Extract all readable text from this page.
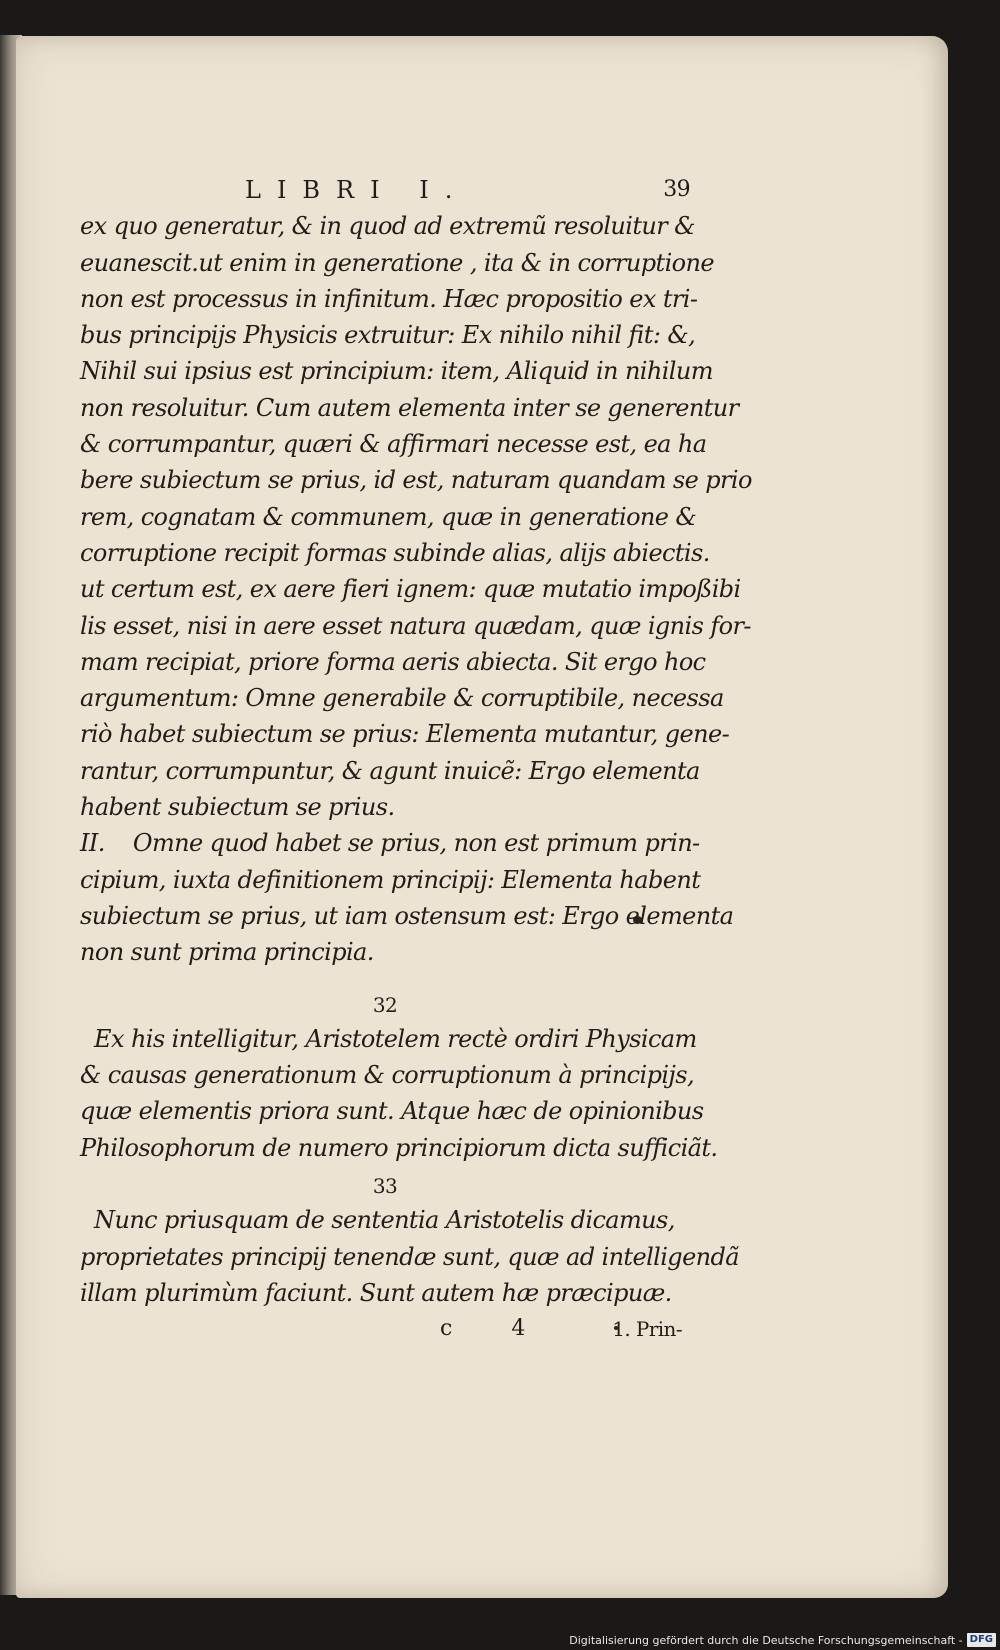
LIBRI I.	39
ex quo generatur, & in quod ad extremũ resoluitur &
euanescit.ut enim in generatione , ita & in corruptione
non est processus in infinitum. Hæc propositio ex tri-
bus principijs Physicis extruitur: Ex nihilo nihil fit: &,
Nihil sui ipsius est principium: item, Aliquid in nihilum
non resoluitur. Cum autem elementa inter se generentur
& corrumpantur, quæri & affirmari necesse est, ea ha
bere subiectum se prius, id est, naturam quandam se prio
rem, cognatam & communem, quæ in generatione &
corruptione recipit formas subinde alias, alijs abiectis.
ut certum est, ex aere fieri ignem: quæ mutatio impoßibi
lis esset, nisi in aere esset natura quædam, quæ ignis for-
mam recipiat, priore forma aeris abiecta. Sit ergo hoc
argumentum: Omne generabile & corruptibile, necessa
riò habet subiectum se prius: Elementa mutantur, gene-
rantur, corrumpuntur, & agunt inuicẽ: Ergo elementa
habent subiectum se prius.
II.    Omne quod habet se prius, non est primum prin-
cipium, iuxta definitionem principij: Elementa habent
subiectum se prius, ut iam ostensum est: Ergo elementa
non sunt prima principia.
32
Ex his intelligitur, Aristotelem rectè ordiri Physicam
& causas generationum & corruptionum à principijs,
quæ elementis priora sunt. Atque hæc de opinionibus
Philosophorum de numero principiorum dicta sufficiãt.
33
Nunc priusquam de sententia Aristotelis dicamus,
proprietates principij tenendæ sunt, quæ ad intelligendã
illam plurimùm faciunt. Sunt autem hæ præcipuæ.
c 4	1. Prin-
Digitalisierung gefördert durch die Deutsche Forschungsgemeinschaft - DFG
